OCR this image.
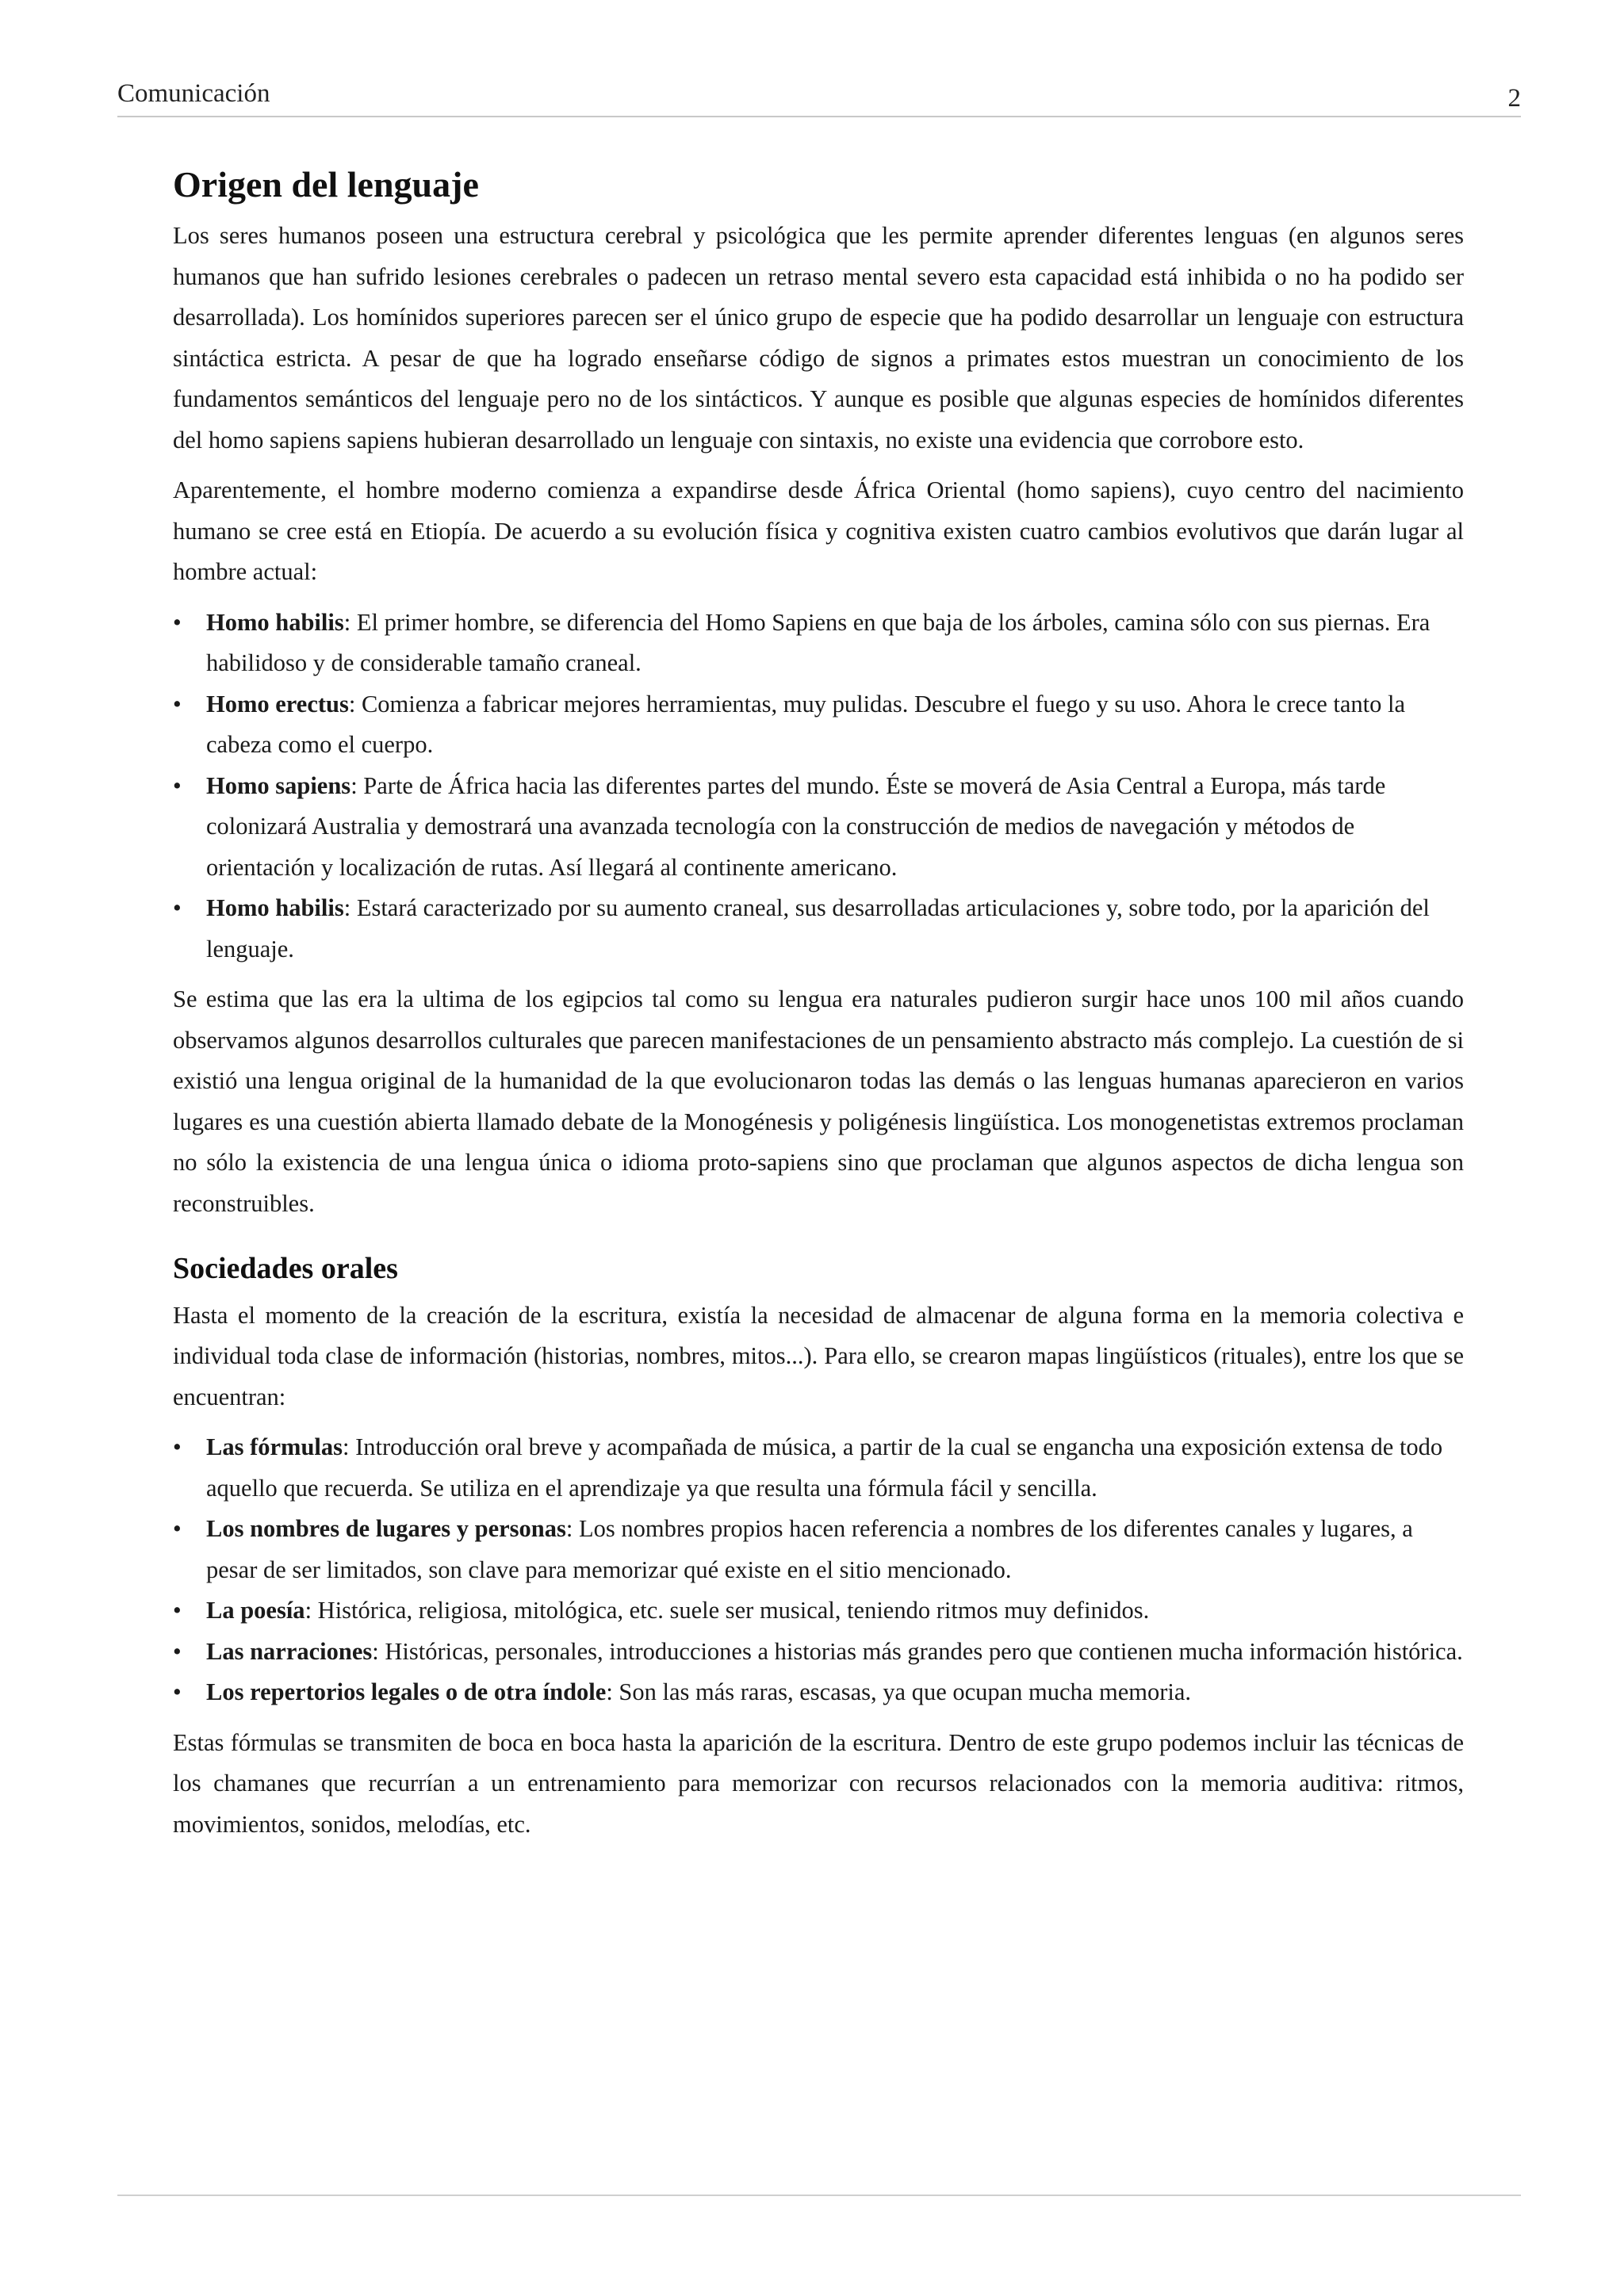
Comunicación	2
Origen del lenguaje

Los seres humanos poseen una estructura cerebral y psicológica que les permite aprender diferentes lenguas (en algunos seres humanos que han sufrido lesiones cerebrales o padecen un retraso mental severo esta capacidad está inhibida o no ha podido ser desarrollada). Los homínidos superiores parecen ser el único grupo de especie que ha podido desarrollar un lenguaje con estructura sintáctica estricta. A pesar de que ha logrado enseñarse código de signos a primates estos muestran un conocimiento de los fundamentos semánticos del lenguaje pero no de los sintácticos. Y aunque es posible que algunas especies de homínidos diferentes del homo sapiens sapiens hubieran desarrollado un lenguaje con sintaxis, no existe una evidencia que corrobore esto.

Aparentemente, el hombre moderno comienza a expandirse desde África Oriental (homo sapiens), cuyo centro del nacimiento humano se cree está en Etiopía. De acuerdo a su evolución física y cognitiva existen cuatro cambios evolutivos que darán lugar al hombre actual:

•	Homo habilis: El primer hombre, se diferencia del Homo Sapiens en que baja de los árboles, camina sólo con sus piernas. Era habilidoso y de considerable tamaño craneal.
•	Homo erectus: Comienza a fabricar mejores herramientas, muy pulidas. Descubre el fuego y su uso. Ahora le crece tanto la cabeza como el cuerpo.
•	Homo sapiens: Parte de África hacia las diferentes partes del mundo. Éste se moverá de Asia Central a Europa, más tarde colonizará Australia y demostrará una avanzada tecnología con la construcción de medios de navegación y métodos de orientación y localización de rutas. Así llegará al continente americano.
•	Homo habilis: Estará caracterizado por su aumento craneal, sus desarrolladas articulaciones y, sobre todo, por la aparición del lenguaje.

Se estima que las era la ultima de los egipcios tal como su lengua era naturales pudieron surgir hace unos 100 mil años cuando observamos algunos desarrollos culturales que parecen manifestaciones de un pensamiento abstracto más complejo. La cuestión de si existió una lengua original de la humanidad de la que evolucionaron todas las demás o las lenguas humanas aparecieron en varios lugares es una cuestión abierta llamado debate de la Monogénesis y poligénesis lingüística. Los monogenetistas extremos proclaman no sólo la existencia de una lengua única o idioma proto-sapiens sino que proclaman que algunos aspectos de dicha lengua son reconstruibles.

Sociedades orales

Hasta el momento de la creación de la escritura, existía la necesidad de almacenar de alguna forma en la memoria colectiva e individual toda clase de información (historias, nombres, mitos...). Para ello, se crearon mapas lingüísticos (rituales), entre los que se encuentran:

•	Las fórmulas: Introducción oral breve y acompañada de música, a partir de la cual se engancha una exposición extensa de todo aquello que recuerda. Se utiliza en el aprendizaje ya que resulta una fórmula fácil y sencilla.
•	Los nombres de lugares y personas: Los nombres propios hacen referencia a nombres de los diferentes canales y lugares, a pesar de ser limitados, son clave para memorizar qué existe en el sitio mencionado.
•	La poesía: Histórica, religiosa, mitológica, etc. suele ser musical, teniendo ritmos muy definidos.
•	Las narraciones: Históricas, personales, introducciones a historias más grandes pero que contienen mucha información histórica.
•	Los repertorios legales o de otra índole: Son las más raras, escasas, ya que ocupan mucha memoria.

Estas fórmulas se transmiten de boca en boca hasta la aparición de la escritura. Dentro de este grupo podemos incluir las técnicas de los chamanes que recurrían a un entrenamiento para memorizar con recursos relacionados con la memoria auditiva: ritmos, movimientos, sonidos, melodías, etc.
